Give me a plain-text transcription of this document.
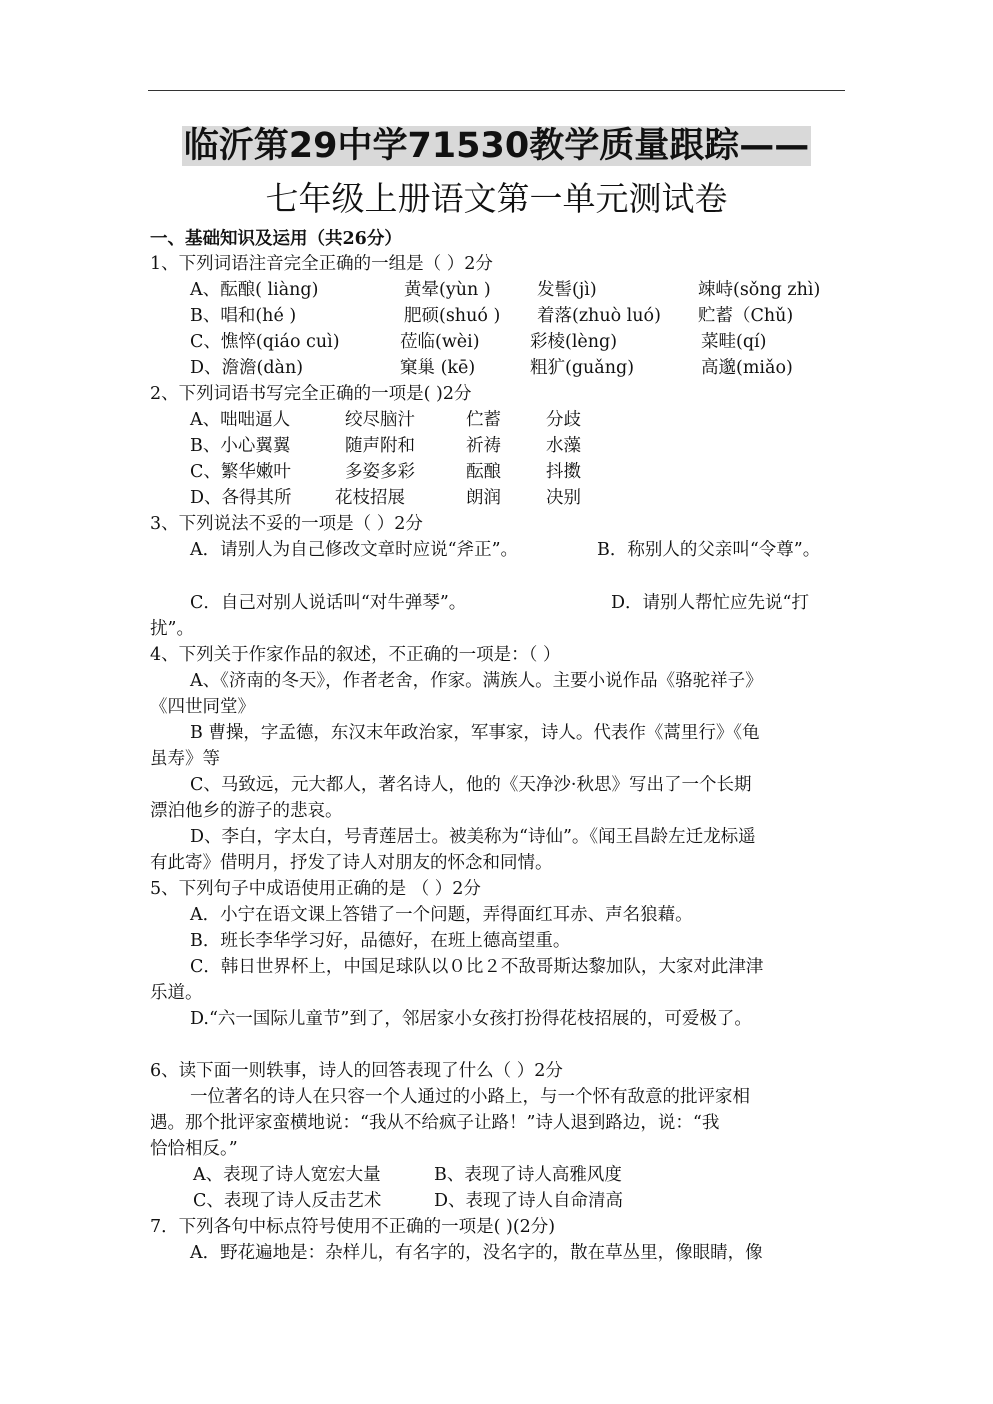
临沂第29中学71530教学质量跟踪——
七年级上册语文第一单元测试卷
一、基础知识及运用（共26分）
1、下列词语注音完全正确的一组是（ ）2分
A、酝酿( liàng)	黄晕(yùn )	发髻(jì)	竦峙(sǒng zhì)
B、唱和(hé )	肥硕(shuó ) 着落(zhuò luó) 贮蓄（Chǔ)
C、憔悴(qiáo cuì)	莅临(wèi)	彩棱(lèng)	菜畦(qí)
D、澹澹(dàn)	窠巢 (kē)	粗犷(guǎng)	高邈(miǎo)
2、下列词语书写完全正确的一项是( )2分
A、咄咄逼人	绞尽脑汁	伫蓄	分歧
B、小心翼翼	随声附和	祈祷	水藻
C、繁华嫩叶	多姿多彩	酝酿	抖擞
D、各得其所 花枝招展	朗润	决别
3、下列说法不妥的一项是（ ）2分
A．请别人为自己修改文章时应说“斧正”。	B．称别人的父亲叫“令尊”。
C．自己对别人说话叫“对牛弹琴”。	D．请别人帮忙应先说“打
扰”。
4、下列关于作家作品的叙述，不正确的一项是：（ ）
A、《济南的冬天》，作者老舍，作家。满族人。主要小说作品《骆驼祥子》
《四世同堂》
B 曹操，字孟德，东汉末年政治家，军事家，诗人。代表作《蒿里行》《龟
虽寿》等
C、马致远，元大都人，著名诗人，他的《天净沙·秋思》写出了一个长期
漂泊他乡的游子的悲哀。
D、李白，字太白，号青莲居士。被美称为“诗仙”。《闻王昌龄左迁龙标遥
有此寄》借明月，抒发了诗人对朋友的怀念和同情。
5、下列句子中成语使用正确的是 （ ）2分
A．小宁在语文课上答错了一个问题，弄得面红耳赤、声名狼藉。
B．班长李华学习好，品德好，在班上德高望重。
C．韩日世界杯上，中国足球队以０比２不敌哥斯达黎加队，大家对此津津
乐道。
D.“六一国际儿童节”到了，邻居家小女孩打扮得花枝招展的，可爱极了。
6、读下面一则轶事，诗人的回答表现了什么（ ）2分
一位著名的诗人在只容一个人通过的小路上，与一个怀有敌意的批评家相
遇。那个批评家蛮横地说：“我从不给疯子让路！”诗人退到路边，说：“我
恰恰相反。”
A、表现了诗人宽宏大量	B、表现了诗人高雅风度
C、表现了诗人反击艺术	D、表现了诗人自命清高
7．下列各句中标点符号使用不正确的一项是( )(2分)
A．野花遍地是：杂样儿，有名字的，没名字的，散在草丛里，像眼睛，像
